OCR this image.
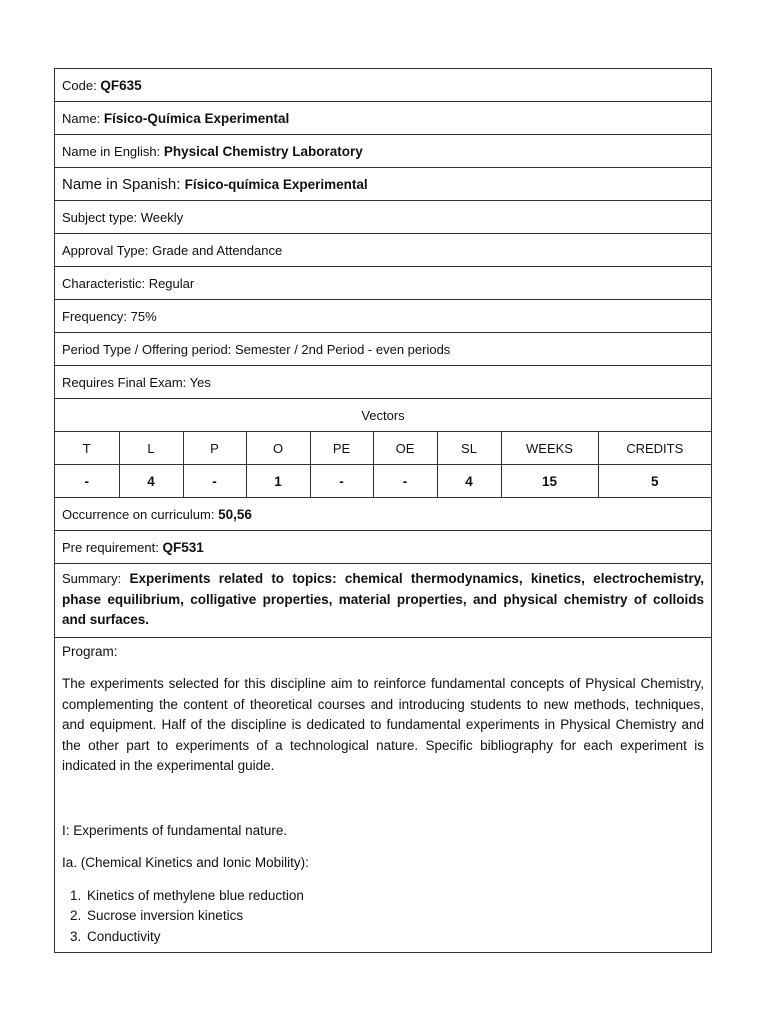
Code:
QF635
Name:
Físico-Química Experimental
Name in English:
Physical Chemistry Laboratory
Name in Spanish:
Físico-química Experimental
Subject type: Weekly
Approval Type: Grade and Attendance
Characteristic: Regular
Frequency: 75%
Period Type / Offering period: Semester / 2nd Period - even periods
Requires Final Exam: Yes
Vectors
T	L	P	O	PE	OE	SL	WEEKS	CREDITS
-	4	-	1	-	-	4	15	5
Occurrence on curriculum:
50,56
Pre requirement:
QF531
Summary: Experiments related to topics: chemical thermodynamics, kinetics, electrochemistry, phase equilibrium, colligative properties, material properties, and physical chemistry of colloids and surfaces.

Program:

The experiments selected for this discipline aim to reinforce fundamental concepts of Physical Chemistry, complementing the content of theoretical courses and introducing students to new methods, techniques, and equipment. Half of the discipline is dedicated to fundamental experiments in Physical Chemistry and the other part to experiments of a technological nature. Specific bibliography for each experiment is indicated in the experimental guide.

I: Experiments of fundamental nature.

Ia. (Chemical Kinetics and Ionic Mobility):

1. Kinetics of methylene blue reduction
2. Sucrose inversion kinetics
3. Conductivity
